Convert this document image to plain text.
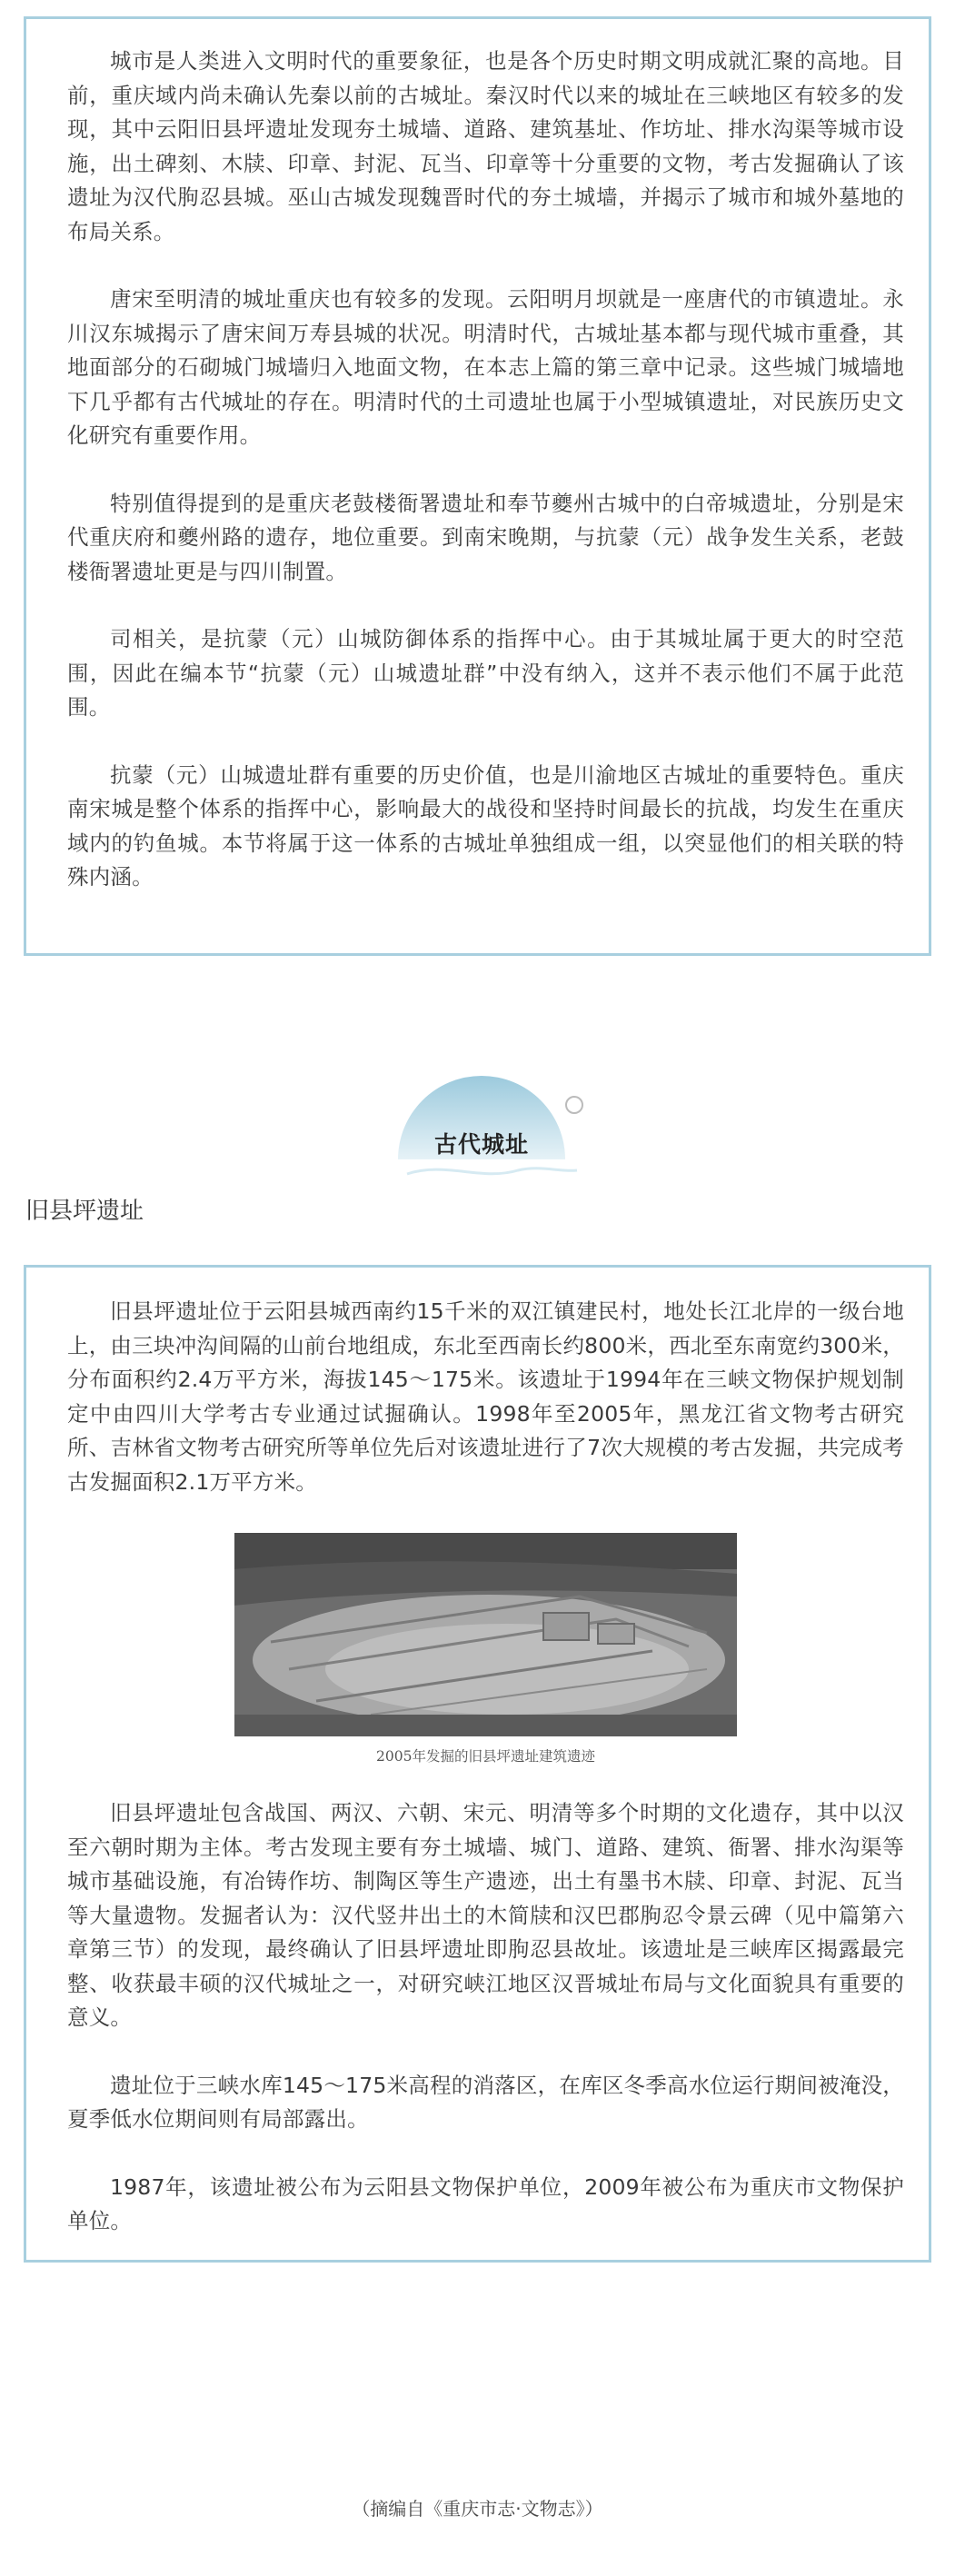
城市是人类进入文明时代的重要象征，也是各个历史时期文明成就汇聚的高地。目前，重庆域内尚未确认先秦以前的古城址。秦汉时代以来的城址在三峡地区有较多的发现，其中云阳旧县坪遗址发现夯土城墙、道路、建筑基址、作坊址、排水沟渠等城市设施，出土碑刻、木牍、印章、封泥、瓦当、印章等十分重要的文物，考古发掘确认了该遗址为汉代朐忍县城。巫山古城发现魏晋时代的夯土城墙，并揭示了城市和城外墓地的布局关系。

唐宋至明清的城址重庆也有较多的发现。云阳明月坝就是一座唐代的市镇遗址。永川汉东城揭示了唐宋间万寿县城的状况。明清时代，古城址基本都与现代城市重叠，其地面部分的石砌城门城墙归入地面文物，在本志上篇的第三章中记录。这些城门城墙地下几乎都有古代城址的存在。明清时代的土司遗址也属于小型城镇遗址，对民族历史文化研究有重要作用。

特别值得提到的是重庆老鼓楼衙署遗址和奉节夔州古城中的白帝城遗址，分别是宋代重庆府和夔州路的遗存，地位重要。到南宋晚期，与抗蒙（元）战争发生关系，老鼓楼衙署遗址更是与四川制置。

司相关，是抗蒙（元）山城防御体系的指挥中心。由于其城址属于更大的时空范围，因此在编本节“抗蒙（元）山城遗址群”中没有纳入，这并不表示他们不属于此范围。

抗蒙（元）山城遗址群有重要的历史价值，也是川渝地区古城址的重要特色。重庆南宋城是整个体系的指挥中心，影响最大的战役和坚持时间最长的抗战，均发生在重庆域内的钓鱼城。本节将属于这一体系的古城址单独组成一组，以突显他们的相关联的特殊内涵。

古代城址
旧县坪遗址

旧县坪遗址位于云阳县城西南约15千米的双江镇建民村，地处长江北岸的一级台地上，由三块冲沟间隔的山前台地组成，东北至西南长约800米，西北至东南宽约300米，分布面积约2.4万平方米，海拔145～175米。该遗址于1994年在三峡文物保护规划制定中由四川大学考古专业通过试掘确认。1998年至2005年，黑龙江省文物考古研究所、吉林省文物考古研究所等单位先后对该遗址进行了7次大规模的考古发掘，共完成考古发掘面积2.1万平方米。

2005年发掘的旧县坪遗址建筑遗迹

旧县坪遗址包含战国、两汉、六朝、宋元、明清等多个时期的文化遗存，其中以汉至六朝时期为主体。考古发现主要有夯土城墙、城门、道路、建筑、衙署、排水沟渠等城市基础设施，有冶铸作坊、制陶区等生产遗迹，出土有墨书木牍、印章、封泥、瓦当等大量遗物。发掘者认为：汉代竖井出土的木简牍和汉巴郡朐忍令景云碑（见中篇第六章第三节）的发现，最终确认了旧县坪遗址即朐忍县故址。该遗址是三峡库区揭露最完整、收获最丰硕的汉代城址之一，对研究峡江地区汉晋城址布局与文化面貌具有重要的意义。

遗址位于三峡水库145～175米高程的消落区，在库区冬季高水位运行期间被淹没，夏季低水位期间则有局部露出。

1987年，该遗址被公布为云阳县文物保护单位，2009年被公布为重庆市文物保护单位。

（摘编自《重庆市志·文物志》）
